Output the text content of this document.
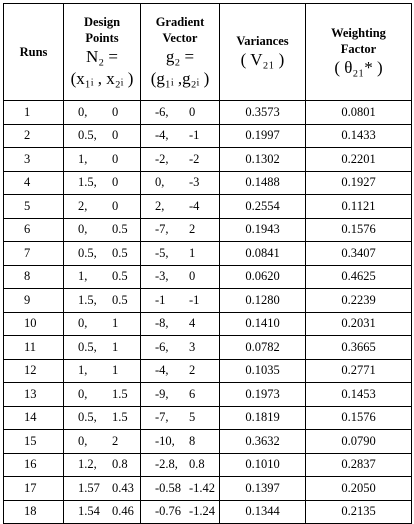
Runs	Design
Points
N₂ =
(x₁ᵢ , x₂ᵢ )	Gradient
Vector
g₂ =
(g₁ᵢ ,g₂ᵢ )	Variances
( V₂₁ )	Weighting
Factor
( θ₂₁* )

1	0, 0	-6, 0	0.3573	0.0801
2	0.5, 0	-4, -1	0.1997	0.1433
3	1, 0	-2, -2	0.1302	0.2201
4	1.5, 0	0, -3	0.1488	0.1927
5	2, 0	2, -4	0.2554	0.1121
6	0, 0.5	-7, 2	0.1943	0.1576
7	0.5, 0.5	-5, 1	0.0841	0.3407
8	1, 0.5	-3, 0	0.0620	0.4625
9	1.5, 0.5	-1 -1	0.1280	0.2239
10	0, 1	-8, 4	0.1410	0.2031
11	0.5, 1	-6, 3	0.0782	0.3665
12	1, 1	-4, 2	0.1035	0.2771
13	0, 1.5	-9, 6	0.1973	0.1453
14	0.5, 1.5	-7, 5	0.1819	0.1576
15	0, 2	-10, 8	0.3632	0.0790
16	1.2, 0.8	-2.8, 0.8	0.1010	0.2837
17	1.57 0.43	-0.58 -1.42	0.1397	0.2050
18	1.54 0.46	-0.76 -1.24	0.1344	0.2135
